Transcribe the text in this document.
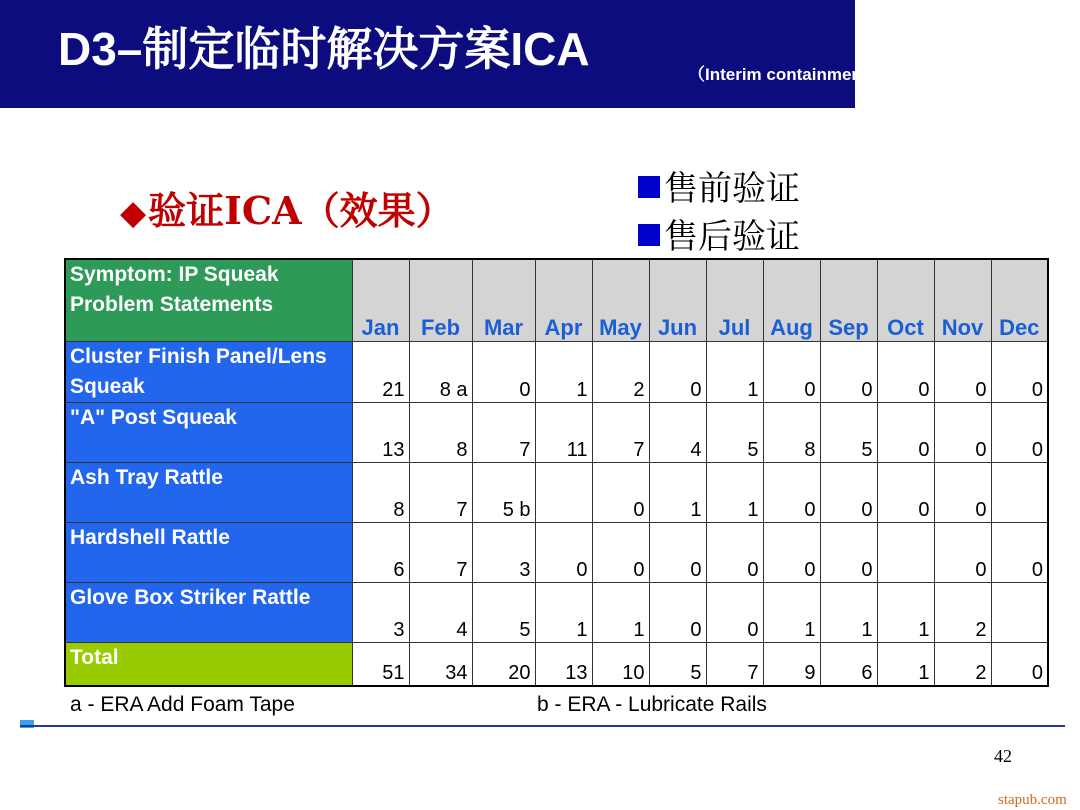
D3–制定临时解决方案ICA	（Interim containment action）
◆验证ICA（效果）	售前验证
售后验证
Symptom: IP Squeak Problem Statements	Jan	Feb	Mar	Apr	May	Jun	Jul	Aug	Sep	Oct	Nov	Dec
Cluster Finish Panel/Lens Squeak	21	8 a	0	1	2	0	1	0	0	0	0	0
"A" Post Squeak	13	8	7	11	7	4	5	8	5	0	0	0
Ash Tray Rattle	8	7	5 b		0	1	1	0	0	0	0	
Hardshell Rattle	6	7	3	0	0	0	0	0	0		0	0
Glove Box Striker Rattle	3	4	5	1	1	0	0	1	1	1	2	
Total	51	34	20	13	10	5	7	9	6	1	2	0
a - ERA Add Foam Tape	b - ERA - Lubricate Rails
42
stapub.com
